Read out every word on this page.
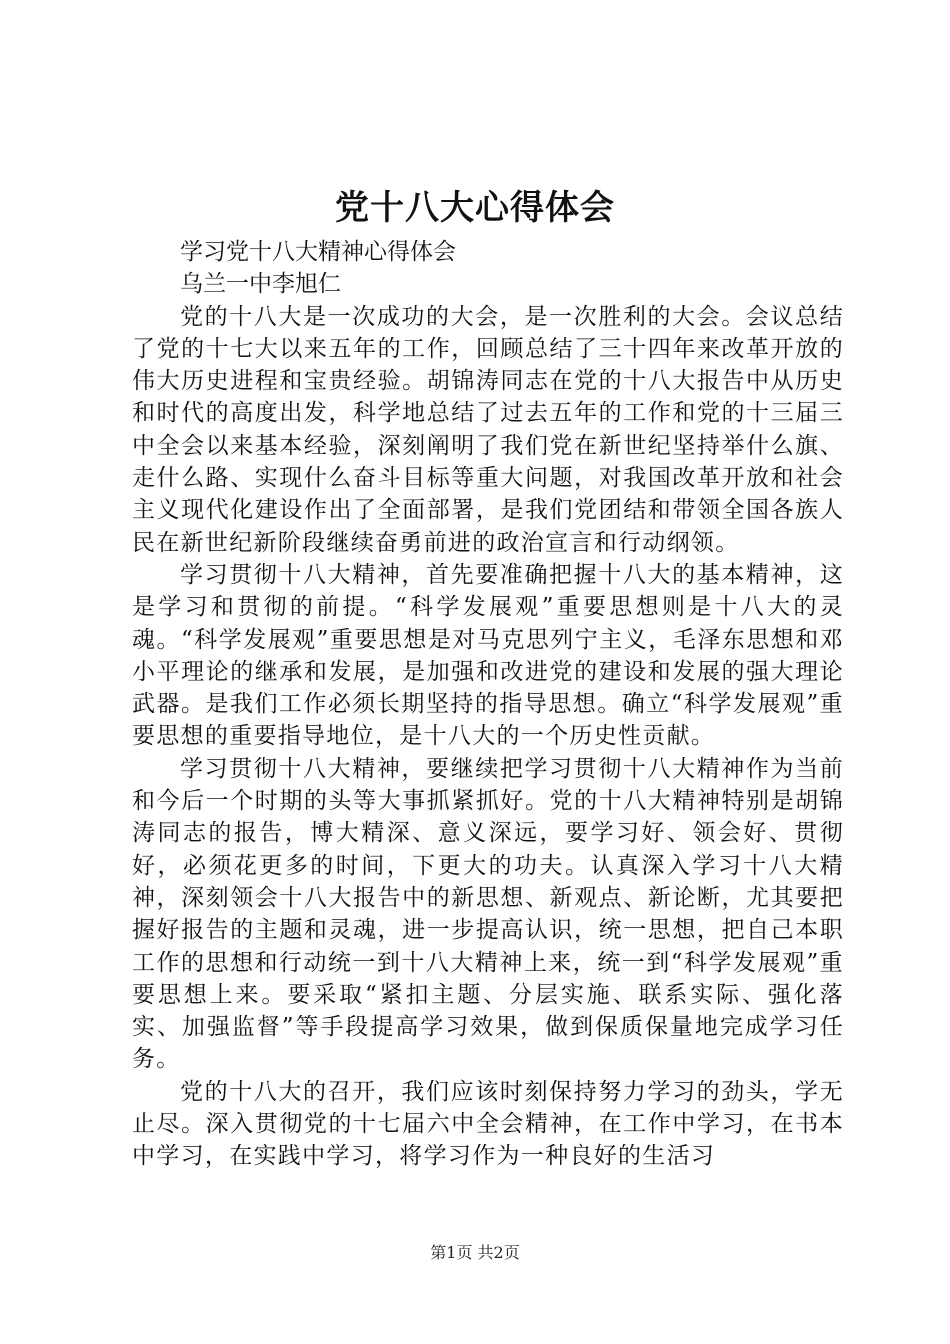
党十八大心得体会

学习党十八大精神心得体会

乌兰一中李旭仁

党的十八大是一次成功的大会，是一次胜利的大会。会议总结了党的十七大以来五年的工作，回顾总结了三十四年来改革开放的伟大历史进程和宝贵经验。胡锦涛同志在党的十八大报告中从历史和时代的高度出发，科学地总结了过去五年的工作和党的十三届三中全会以来基本经验，深刻阐明了我们党在新世纪坚持举什么旗、走什么路、实现什么奋斗目标等重大问题，对我国改革开放和社会主义现代化建设作出了全面部署，是我们党团结和带领全国各族人民在新世纪新阶段继续奋勇前进的政治宣言和行动纲领。

学习贯彻十八大精神，首先要准确把握十八大的基本精神，这是学习和贯彻的前提。“科学发展观”重要思想则是十八大的灵魂。“科学发展观”重要思想是对马克思列宁主义，毛泽东思想和邓小平理论的继承和发展，是加强和改进党的建设和发展的强大理论武器。是我们工作必须长期坚持的指导思想。确立“科学发展观”重要思想的重要指导地位，是十八大的一个历史性贡献。

学习贯彻十八大精神，要继续把学习贯彻十八大精神作为当前和今后一个时期的头等大事抓紧抓好。党的十八大精神特别是胡锦涛同志的报告，博大精深、意义深远，要学习好、领会好、贯彻好，必须花更多的时间，下更大的功夫。认真深入学习十八大精神，深刻领会十八大报告中的新思想、新观点、新论断，尤其要把握好报告的主题和灵魂，进一步提高认识，统一思想，把自己本职工作的思想和行动统一到十八大精神上来，统一到“科学发展观”重要思想上来。要采取“紧扣主题、分层实施、联系实际、强化落实、加强监督”等手段提高学习效果，做到保质保量地完成学习任务。

党的十八大的召开，我们应该时刻保持努力学习的劲头，学无止尽。深入贯彻党的十七届六中全会精神，在工作中学习，在书本中学习，在实践中学习，将学习作为一种良好的生活习

第1页 共2页
